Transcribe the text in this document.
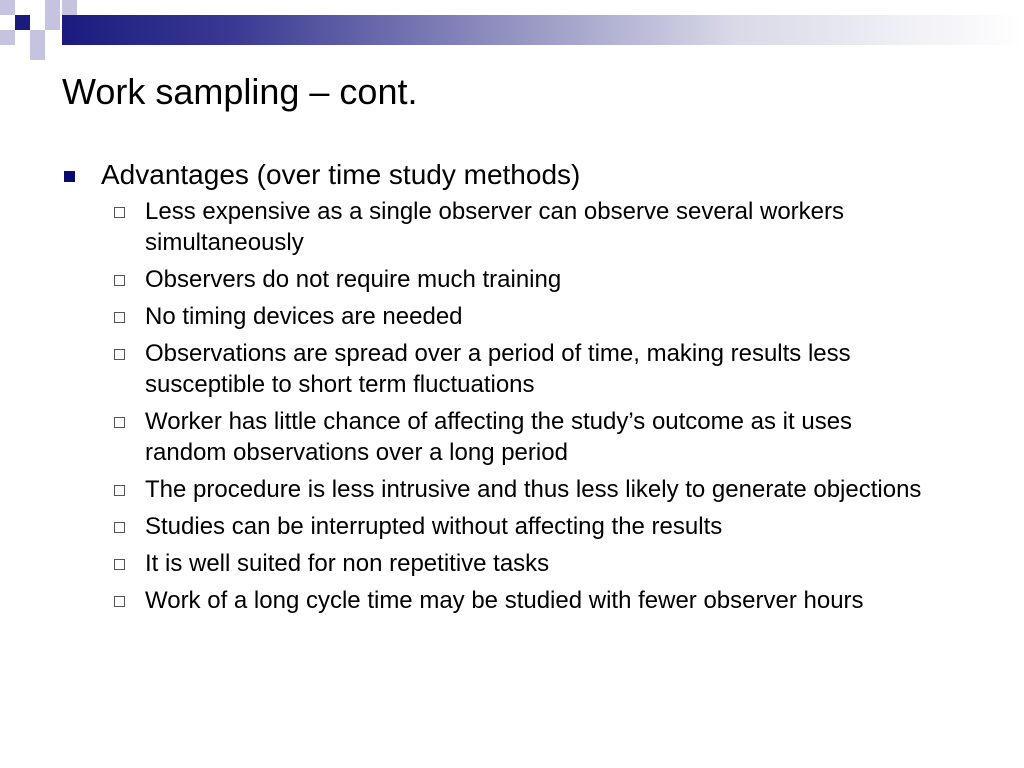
Work sampling – cont.
Advantages (over time study methods)
Less expensive as a single observer can observe several workers simultaneously
Observers do not require much training
No timing devices are needed
Observations are spread over a period of time, making results less susceptible to short term fluctuations
Worker has little chance of affecting the study’s outcome as it uses random observations over a long period
The procedure is less intrusive and thus less likely to generate objections
Studies can be interrupted without affecting the results
It is well suited for non repetitive tasks
Work of a long cycle time may be studied with fewer observer hours
